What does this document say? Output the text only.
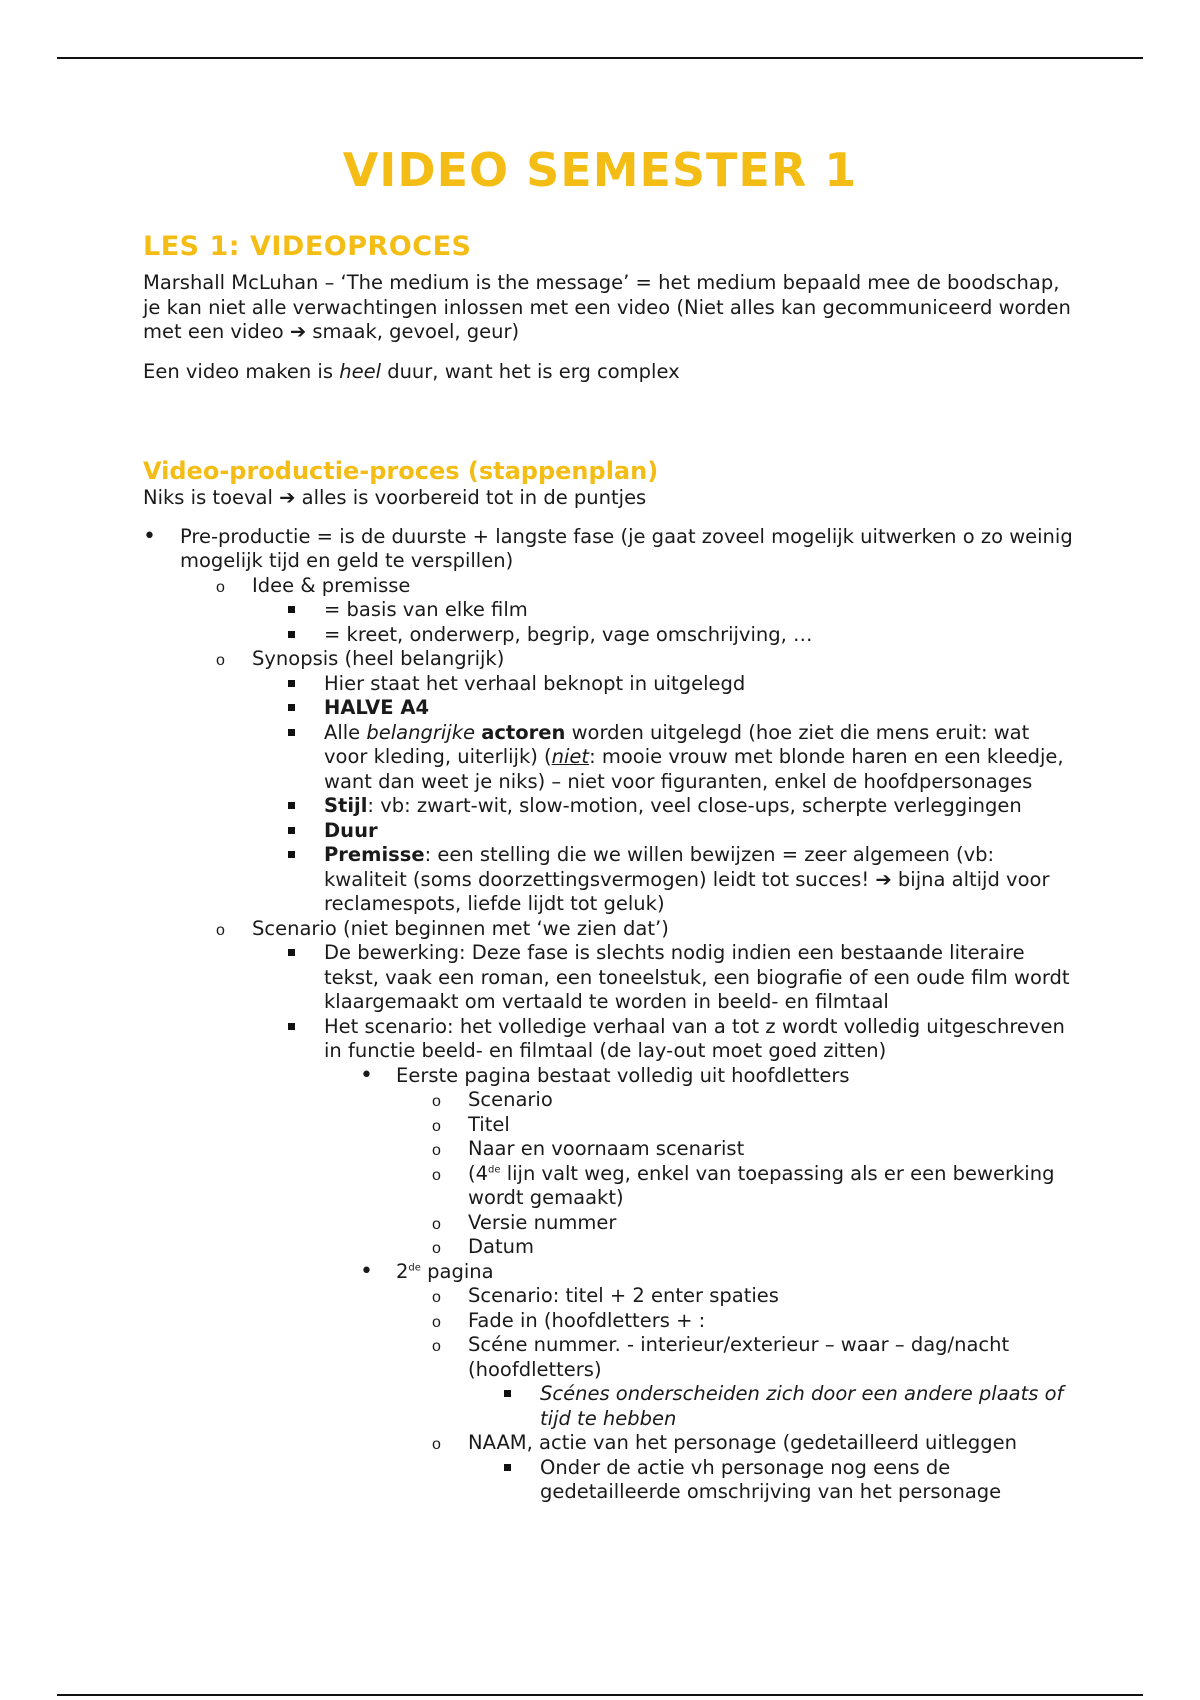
VIDEO SEMESTER 1
LES 1: VIDEOPROCES

Marshall McLuhan – ‘The medium is the message’ = het medium bepaald mee de boodschap, je kan niet alle verwachtingen inlossen met een video (Niet alles kan gecommuniceerd worden met een video ➔ smaak, gevoel, geur)

Een video maken is heel duur, want het is erg complex

Video-productie-proces (stappenplan)

Niks is toeval ➔ alles is voorbereid tot in de puntjes

•
Pre-productie = is de duurste + langste fase (je gaat zoveel mogelijk uitwerken o zo weinig mogelijk tijd en geld te verspillen)
o
Idee & premisse
= basis van elke film
= kreet, onderwerp, begrip, vage omschrijving, …
o
Synopsis (heel belangrijk)
Hier staat het verhaal beknopt in uitgelegd
HALVE A4
Alle belangrijke actoren worden uitgelegd (hoe ziet die mens eruit: wat voor kleding, uiterlijk) (niet: mooie vrouw met blonde haren en een kleedje, want dan weet je niks) – niet voor figuranten, enkel de hoofdpersonages
Stijl: vb: zwart-wit, slow-motion, veel close-ups, scherpte verleggingen
Duur
Premisse: een stelling die we willen bewijzen = zeer algemeen (vb: kwaliteit (soms doorzettingsvermogen) leidt tot succes! ➔ bijna altijd voor reclamespots, liefde lijdt tot geluk)
o
Scenario (niet beginnen met ‘we zien dat’)
De bewerking: Deze fase is slechts nodig indien een bestaande literaire tekst, vaak een roman, een toneelstuk, een biografie of een oude film wordt klaargemaakt om vertaald te worden in beeld- en filmtaal
Het scenario: het volledige verhaal van a tot z wordt volledig uitgeschreven in functie beeld- en filmtaal (de lay-out moet goed zitten)
•
Eerste pagina bestaat volledig uit hoofdletters
o
Scenario
o
Titel
o
Naar en voornaam scenarist
o
(4de lijn valt weg, enkel van toepassing als er een bewerking wordt gemaakt)
o
Versie nummer
o
Datum
•
2de pagina
o
Scenario: titel + 2 enter spaties
o
Fade in (hoofdletters + :
o
Scéne nummer. - interieur/exterieur – waar – dag/nacht (hoofdletters)
Scénes onderscheiden zich door een andere plaats of tijd te hebben
o
NAAM, actie van het personage (gedetailleerd uitleggen
Onder de actie vh personage nog eens de gedetailleerde omschrijving van het personage
